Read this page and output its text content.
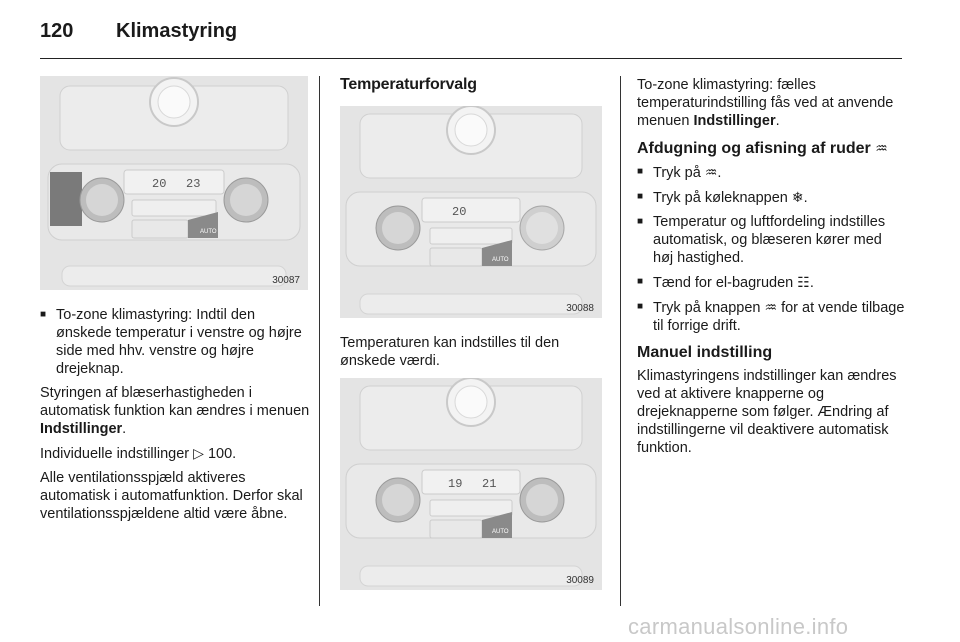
120 Klimastyring
20 23
AUTO
30087
■ To-zone klimastyring: Indtil den ønskede temperatur i venstre og højre side med hhv. venstre og højre drejeknap.

Styringen af blæserhastigheden i automatisk funktion kan ændres i menuen Indstillinger.

Individuelle indstillinger ▷ 100.

Alle ventilationsspjæld aktiveres automatisk i automatfunktion. Derfor skal ventilationsspjældene altid være åbne.

Temperaturforvalg
20
AUTO
30088

Temperaturen kan indstilles til den ønskede værdi.

19 21
AUTO
30089

To-zone klimastyring: fælles temperaturindstilling fås ved at anvende menuen Indstillinger.

Afdugning og afisning af ruder ♒
■ Tryk på ♒.
■ Tryk på køleknappen ❄.
■ Temperatur og luftfordeling indstilles automatisk, og blæseren kører med høj hastighed.
■ Tænd for el-bagruden ☷.
■ Tryk på knappen ♒ for at vende tilbage til forrige drift.
Manuel indstilling

Klimastyringens indstillinger kan ændres ved at aktivere knapperne og drejeknapperne som følger. Ændring af indstillingerne vil deaktivere automatisk funktion.

carmanualsonline.info
